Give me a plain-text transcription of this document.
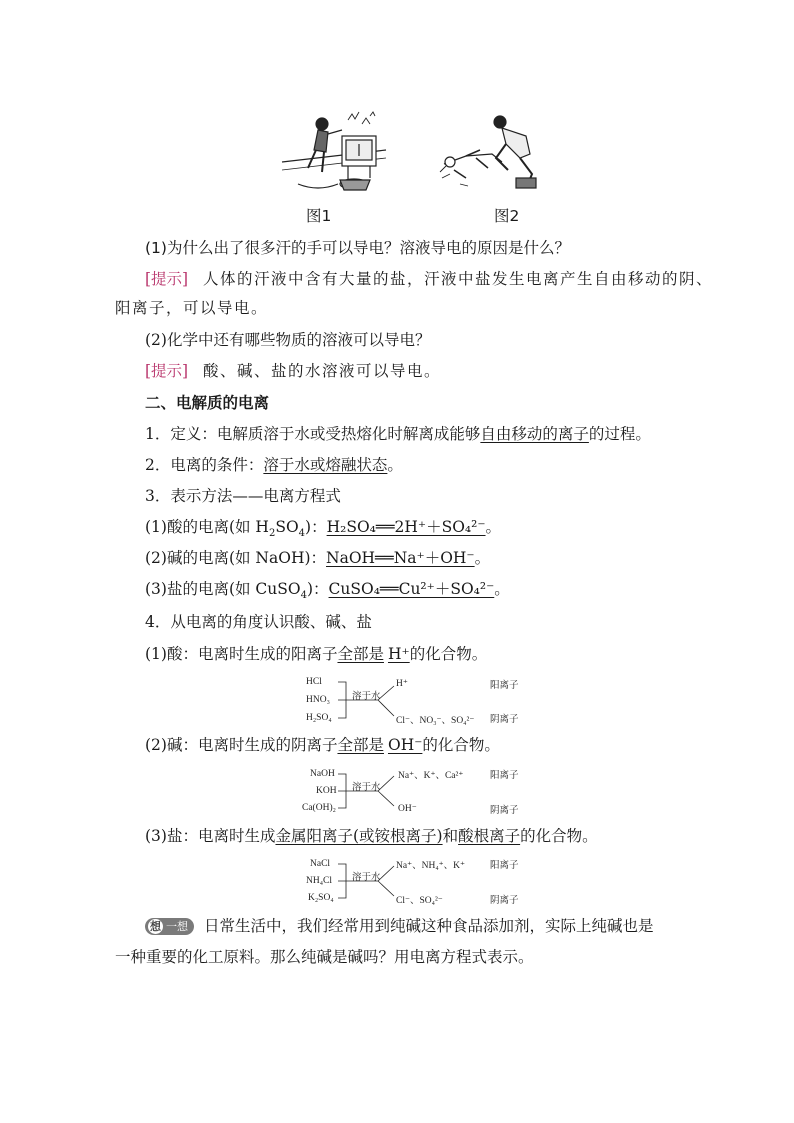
图1	图2
(1)为什么出了很多汗的手可以导电？溶液导电的原因是什么？
[提示] 人体的汗液中含有大量的盐，汗液中盐发生电离产生自由移动的阴、
阳离子，可以导电。
(2)化学中还有哪些物质的溶液可以导电？
[提示] 酸、碱、盐的水溶液可以导电。
二、电解质的电离
1．定义：电解质溶于水或受热熔化时解离成能够自由移动的离子的过程。
2．电离的条件：溶于水或熔融状态。
3．表示方法——电离方程式
(1)酸的电离(如 $H_2SO_4$)：H₂SO₄══2H⁺＋SO₄²⁻。
(2)碱的电离(如 NaOH)：NaOH══Na⁺＋OH⁻。
(3)盐的电离(如 CuSO$_4$)：CuSO₄══Cu²⁺＋SO₄²⁻。
4．从电离的角度认识酸、碱、盐
(1)酸：电离时生成的阳离子全部是 H⁺的化合物。
HCl
HNO₃
H₂SO₄
溶于水
H⁺
Cl⁻、NO₃⁻、SO₄²⁻
阳离子
阴离子
(2)碱：电离时生成的阴离子全部是 OH⁻的化合物。
NaOH
KOH
Ca(OH)₂
溶于水
Na⁺、K⁺、Ca²⁺
OH⁻
阳离子
阴离子
(3)盐：电离时生成金属阳离子(或铵根离子)和酸根离子的化合物。
NaCl
NH₄Cl
K₂SO₄
溶于水
Na⁺、NH₄⁺、K⁺
Cl⁻、SO₄²⁻
阳离子
阴离子
想 一想 日常生活中，我们经常用到纯碱这种食品添加剂，实际上纯碱也是
一种重要的化工原料。那么纯碱是碱吗？用电离方程式表示。
